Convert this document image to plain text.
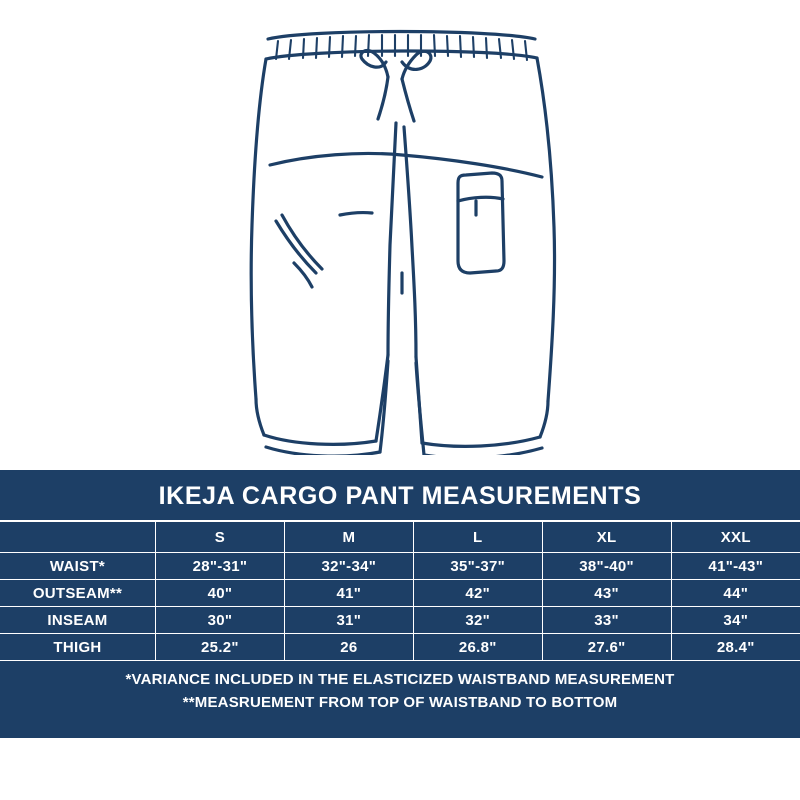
IKEJA CARGO PANT MEASUREMENTS
	S	M	L	XL	XXL
WAIST*	28"-31"	32"-34"	35"-37"	38"-40"	41"-43"
OUTSEAM**	40"	41"	42"	43"	44"
INSEAM	30"	31"	32"	33"	34"
THIGH	25.2"	26	26.8"	27.6"	28.4"
*VARIANCE INCLUDED IN THE ELASTICIZED WAISTBAND MEASUREMENT
**MEASRUEMENT FROM TOP OF WAISTBAND TO BOTTOM
